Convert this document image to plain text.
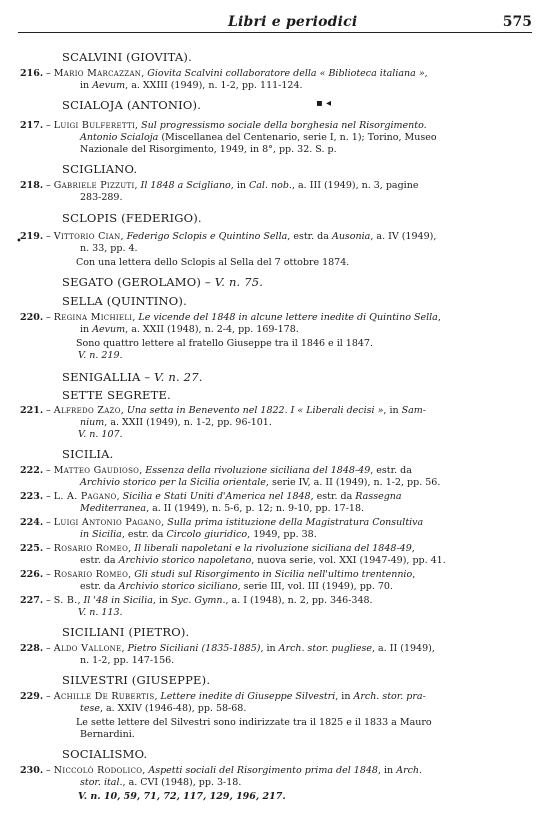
Libri e periodici	575
SCALVINI (GIOVITA).
216. – Mario Marcazzan, Giovita Scalvini collaboratore della « Biblioteca italiana »,
in Aevum, a. XXIII (1949), n. 1-2, pp. 111-124.
SCIALOJA (ANTONIO).
217. – Luigi Bulferetti, Sul progressismo sociale della borghesia nel Risorgimento.
Antonio Scialoja (Miscellanea del Centenario, serie I, n. 1); Torino, Museo
Nazionale del Risorgimento, 1949, in 8°, pp. 32. S. p.
SCIGLIANO.
218. – Gabriele Pizzuti, Il 1848 a Scigliano, in Cal. nob., a. III (1949), n. 3, pagine
283-289.
SCLOPIS (FEDERIGO).
219. – Vittorio Cian, Federigo Sclopis e Quintino Sella, estr. da Ausonia, a. IV (1949),
n. 33, pp. 4.
Con una lettera dello Sclopis al Sella del 7 ottobre 1874.
SEGATO (GEROLAMO) – V. n. 75.
SELLA (QUINTINO).
220. – Regina Michieli, Le vicende del 1848 in alcune lettere inedite di Quintino Sella,
in Aevum, a. XXII (1948), n. 2-4, pp. 169-178.
Sono quattro lettere al fratello Giuseppe tra il 1846 e il 1847.
V. n. 219.
SENIGALLIA – V. n. 27.
SETTE SEGRETE.
221. – Alfredo Zazo, Una setta in Benevento nel 1822. I « Liberali decisi », in Sam-
nium, a. XXII (1949), n. 1-2, pp. 96-101.
V. n. 107.
SICILIA.
222. – Matteo Gaudioso, Essenza della rivoluzione siciliana del 1848-49, estr. da
Archivio storico per la Sicilia orientale, serie IV, a. II (1949), n. 1-2, pp. 56.
223. – L. A. Pagano, Sicilia e Stati Uniti d'America nel 1848, estr. da Rassegna
Mediterranea, a. II (1949), n. 5-6, p. 12; n. 9-10, pp. 17-18.
224. – Luigi Antonio Pagano, Sulla prima istituzione della Magistratura Consultiva
in Sicilia, estr. da Circolo giuridico, 1949, pp. 38.
225. – Rosario Romeo, Il liberali napoletani e la rivoluzione siciliana del 1848-49,
estr. da Archivio storico napoletano, nuova serie, vol. XXI (1947-49), pp. 41.
226. – Rosario Romeo, Gli studi sul Risorgimento in Sicilia nell'ultimo trentennio,
estr. da Archivio storico siciliano, serie III, vol. III (1949), pp. 70.
227. – S. B., Il '48 in Sicilia, in Syc. Gymn., a. I (1948), n. 2, pp. 346-348.
V. n. 113.
SICILIANI (PIETRO).
228. – Aldo Vallone, Pietro Siciliani (1835-1885), in Arch. stor. pugliese, a. II (1949),
n. 1-2, pp. 147-156.
SILVESTRI (GIUSEPPE).
229. – Achille De Rubertis, Lettere inedite di Giuseppe Silvestri, in Arch. stor. pra-
tese, a. XXIV (1946-48), pp. 58-68.
Le sette lettere del Silvestri sono indirizzate tra il 1825 e il 1833 a Mauro
Bernardini.
SOCIALISMO.
230. – Niccolò Rodolico, Aspetti sociali del Risorgimento prima del 1848, in Arch.
stor. ital., a. CVI (1948), pp. 3-18.
V. n. 10, 59, 71, 72, 117, 129, 196, 217.
▪ ◂
•
